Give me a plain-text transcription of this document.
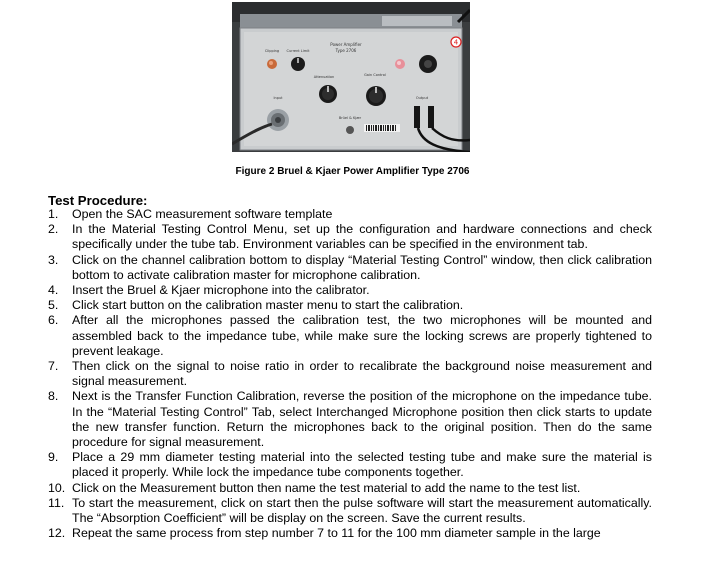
Power Amplifier
Type 2706
Clipping Current Limit
Attenuation	Gain Control
Input	Output
Brüel & Kjær
4
Figure 2 Bruel & Kjaer Power Amplifier Type 2706
Test Procedure:
1.	Open the SAC measurement software template
2.	In the Material Testing Control Menu, set up the configuration and hardware connections and check specifically under the tube tab. Environment variables can be specified in the environment tab.
3.	Click on the channel calibration bottom to display “Material Testing Control” window, then click calibration bottom to activate calibration master for microphone calibration.
4.	Insert the Bruel & Kjaer microphone into the calibrator.
5.	Click start button on the calibration master menu to start the calibration.
6.	After all the microphones passed the calibration test, the two microphones will be mounted and assembled back to the impedance tube, while make sure the locking screws are properly tightened to prevent leakage.
7.	Then click on the signal to noise ratio in order to recalibrate the background noise measurement and signal measurement.
8.	Next is the Transfer Function Calibration, reverse the position of the microphone on the impedance tube. In the “Material Testing Control” Tab, select Interchanged Microphone position then click starts to update the new transfer function. Return the microphones back to the original position. Then do the same procedure for signal measurement.
9.	Place a 29 mm diameter testing material into the selected testing tube and make sure the material is placed it properly. While lock the impedance tube components together.
10. Click on the Measurement button then name the test material to add the name to the test list.
11. To start the measurement, click on start then the pulse software will start the measurement automatically. The “Absorption Coefficient” will be display on the screen. Save the current results.
12. Repeat the same process from step number 7 to 11 for the 100 mm diameter sample in the large
